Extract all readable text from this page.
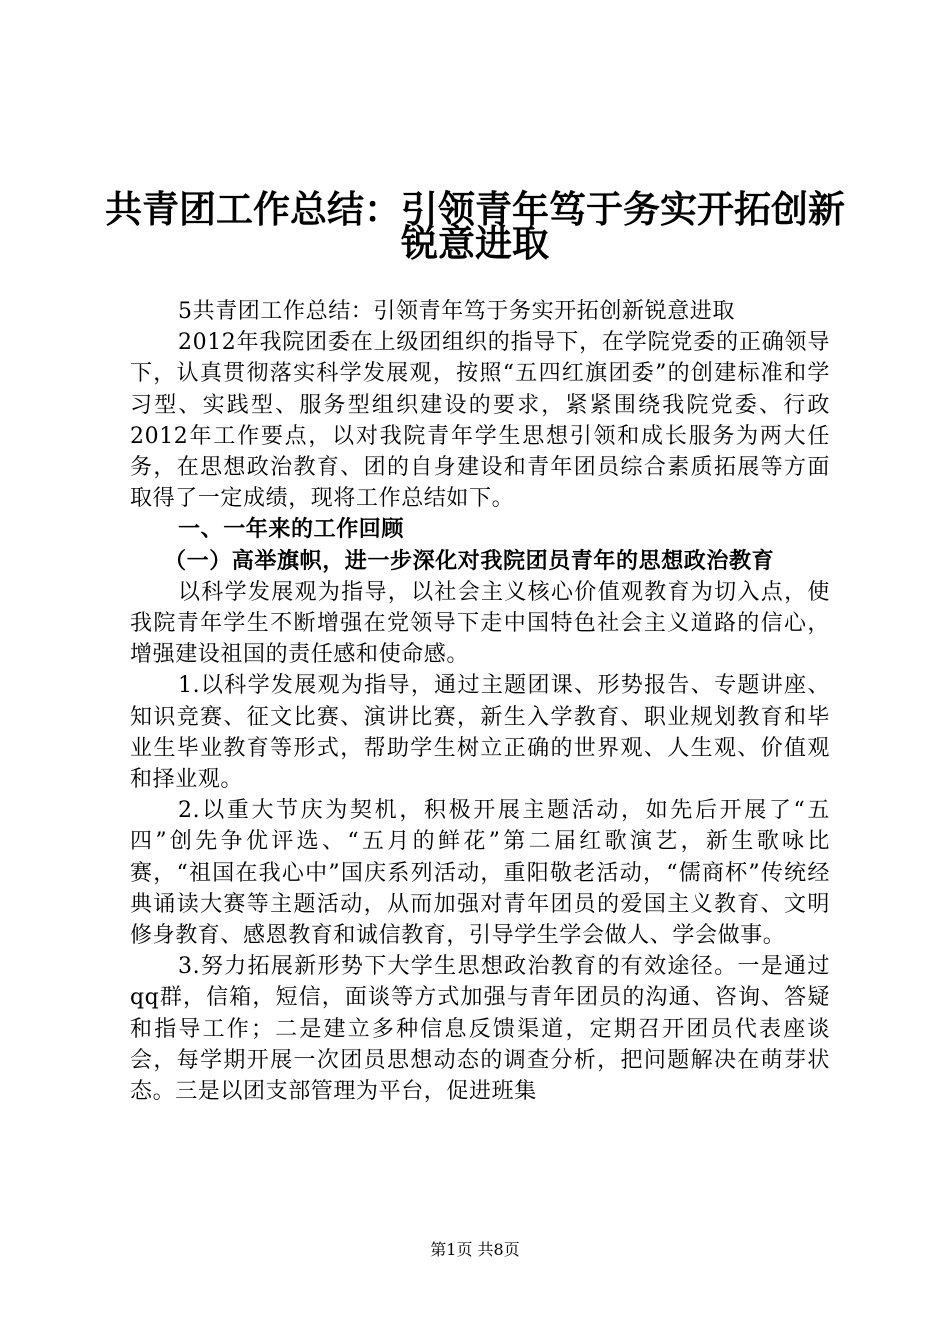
共青团工作总结：引领青年笃于务实开拓创新
锐意进取

5共青团工作总结：引领青年笃于务实开拓创新锐意进取

2012年我院团委在上级团组织的指导下，在学院党委的正确领导下，认真贯彻落实科学发展观，按照“五四红旗团委”的创建标准和学习型、实践型、服务型组织建设的要求，紧紧围绕我院党委、行政2012年工作要点，以对我院青年学生思想引领和成长服务为两大任务，在思想政治教育、团的自身建设和青年团员综合素质拓展等方面取得了一定成绩，现将工作总结如下。

一、一年来的工作回顾

（一）高举旗帜，进一步深化对我院团员青年的思想政治教育

以科学发展观为指导，以社会主义核心价值观教育为切入点，使我院青年学生不断增强在党领导下走中国特色社会主义道路的信心，增强建设祖国的责任感和使命感。

1.以科学发展观为指导，通过主题团课、形势报告、专题讲座、知识竞赛、征文比赛、演讲比赛，新生入学教育、职业规划教育和毕业生毕业教育等形式，帮助学生树立正确的世界观、人生观、价值观和择业观。

2.以重大节庆为契机，积极开展主题活动，如先后开展了“五四”创先争优评选、“五月的鲜花”第二届红歌演艺，新生歌咏比赛，“祖国在我心中”国庆系列活动，重阳敬老活动，“儒商杯”传统经典诵读大赛等主题活动，从而加强对青年团员的爱国主义教育、文明修身教育、感恩教育和诚信教育，引导学生学会做人、学会做事。

3.努力拓展新形势下大学生思想政治教育的有效途径。一是通过qq群，信箱，短信，面谈等方式加强与青年团员的沟通、咨询、答疑和指导工作；二是建立多种信息反馈渠道，定期召开团员代表座谈会，每学期开展一次团员思想动态的调查分析，把问题解决在萌芽状态。三是以团支部管理为平台，促进班集

第1页 共8页
